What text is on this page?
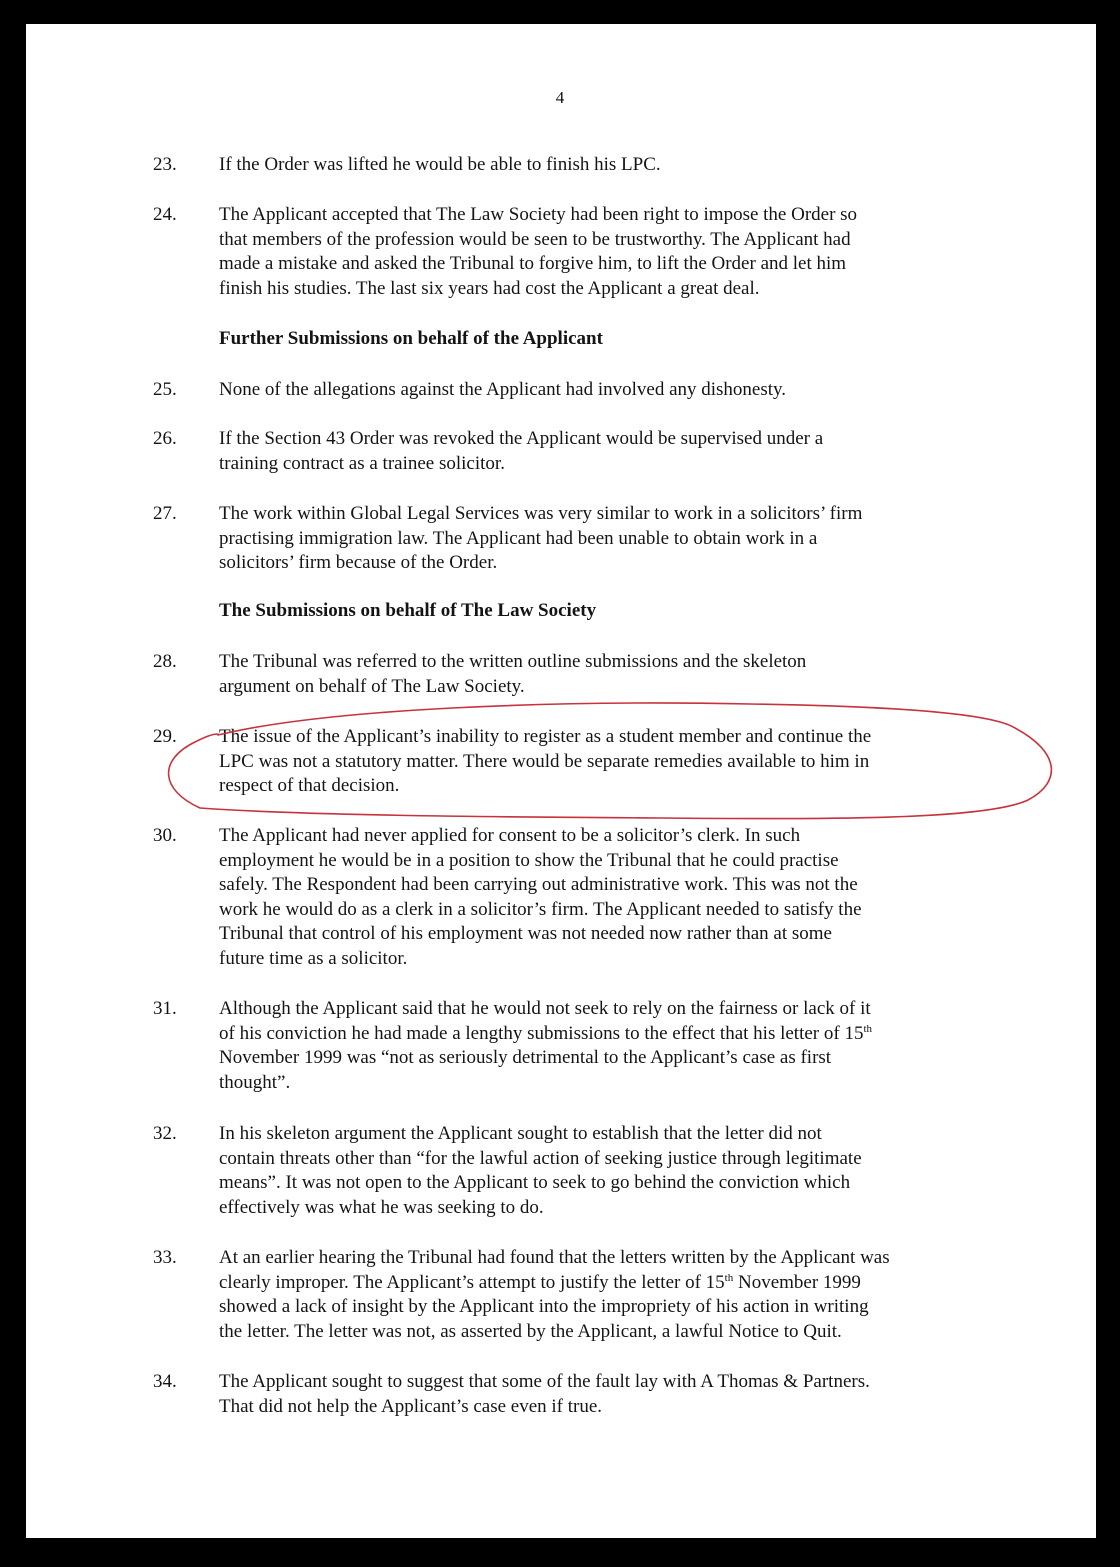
4
23. If the Order was lifted he would be able to finish his LPC.
24. The Applicant accepted that The Law Society had been right to impose the Order so
that members of the profession would be seen to be trustworthy. The Applicant had
made a mistake and asked the Tribunal to forgive him, to lift the Order and let him
finish his studies. The last six years had cost the Applicant a great deal.
Further Submissions on behalf of the Applicant
25. None of the allegations against the Applicant had involved any dishonesty.
26. If the Section 43 Order was revoked the Applicant would be supervised under a
training contract as a trainee solicitor.
27. The work within Global Legal Services was very similar to work in a solicitors’ firm
practising immigration law. The Applicant had been unable to obtain work in a
solicitors’ firm because of the Order.
The Submissions on behalf of The Law Society
28. The Tribunal was referred to the written outline submissions and the skeleton
argument on behalf of The Law Society.
29. The issue of the Applicant’s inability to register as a student member and continue the
LPC was not a statutory matter. There would be separate remedies available to him in
respect of that decision.
30. The Applicant had never applied for consent to be a solicitor’s clerk. In such
employment he would be in a position to show the Tribunal that he could practise
safely. The Respondent had been carrying out administrative work. This was not the
work he would do as a clerk in a solicitor’s firm. The Applicant needed to satisfy the
Tribunal that control of his employment was not needed now rather than at some
future time as a solicitor.
31. Although the Applicant said that he would not seek to rely on the fairness or lack of it
of his conviction he had made a lengthy submissions to the effect that his letter of 15th
November 1999 was “not as seriously detrimental to the Applicant’s case as first
thought”.
32. In his skeleton argument the Applicant sought to establish that the letter did not
contain threats other than “for the lawful action of seeking justice through legitimate
means”. It was not open to the Applicant to seek to go behind the conviction which
effectively was what he was seeking to do.
33. At an earlier hearing the Tribunal had found that the letters written by the Applicant was
clearly improper. The Applicant’s attempt to justify the letter of 15th November 1999
showed a lack of insight by the Applicant into the impropriety of his action in writing
the letter. The letter was not, as asserted by the Applicant, a lawful Notice to Quit.
34. The Applicant sought to suggest that some of the fault lay with A Thomas & Partners.
That did not help the Applicant’s case even if true.
